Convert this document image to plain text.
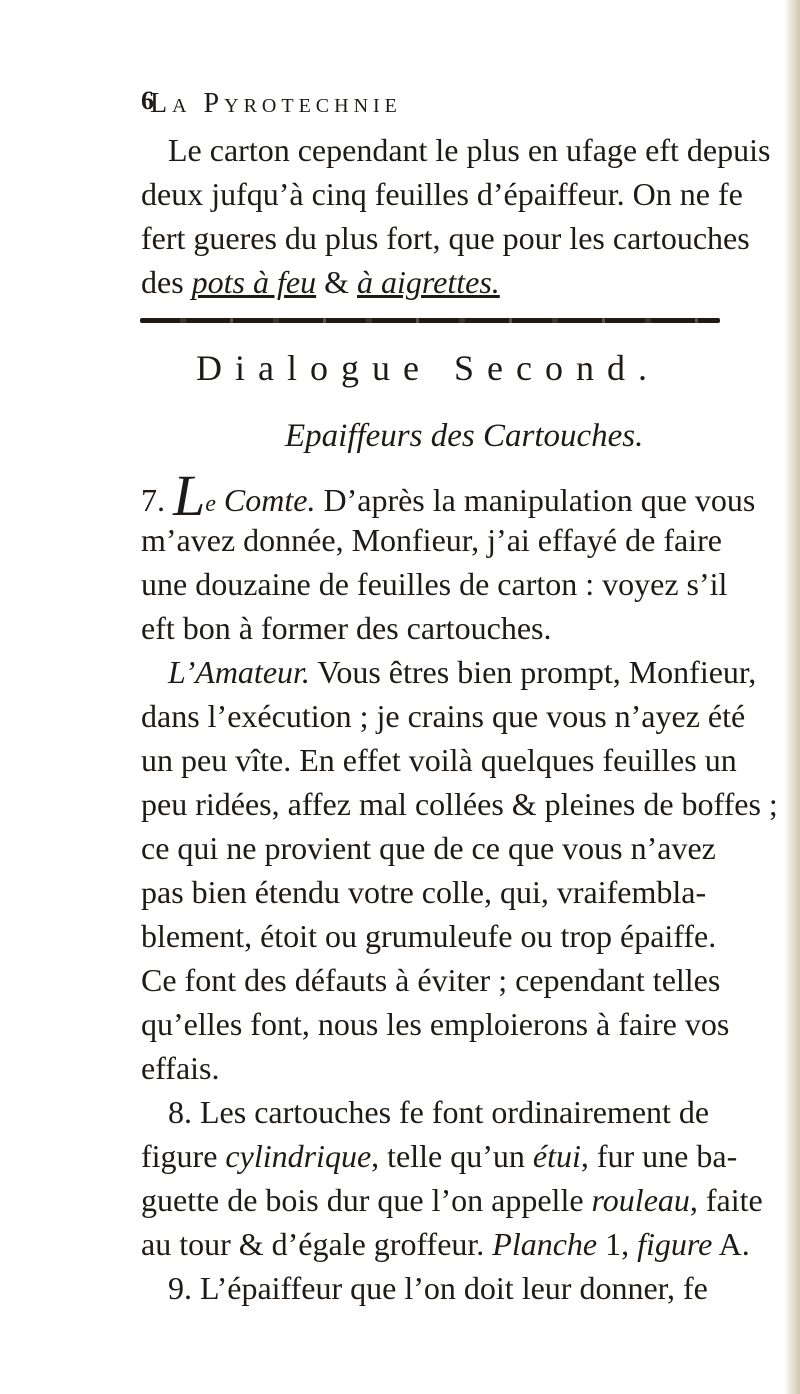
6
La Pyrotechnie
Le carton cependant le plus en ufage eft depuis
deux jufqu’à cinq feuilles d’épaiffeur. On ne fe
fert gueres du plus fort, que pour les cartouches
des pots à feu & à aigrettes.
Dialogue Second.
Epaiffeurs des Cartouches.
7. Le Comte. D’après la manipulation que vous
m’avez donnée, Monfieur, j’ai effayé de faire
une douzaine de feuilles de carton : voyez s’il
eft bon à former des cartouches.
L’Amateur. Vous êtres bien prompt, Monfieur,
dans l’exécution ; je crains que vous n’ayez été
un peu vîte. En effet voilà quelques feuilles un
peu ridées, affez mal collées & pleines de boffes ;
ce qui ne provient que de ce que vous n’avez
pas bien étendu votre colle, qui, vraifembla-
blement, étoit ou grumuleufe ou trop épaiffe.
Ce font des défauts à éviter ; cependant telles
qu’elles font, nous les emploierons à faire vos
effais.
8. Les cartouches fe font ordinairement de
figure cylindrique, telle qu’un étui, fur une ba-
guette de bois dur que l’on appelle rouleau, faite
au tour & d’égale groffeur. Planche 1, figure A.
9. L’épaiffeur que l’on doit leur donner, fe
